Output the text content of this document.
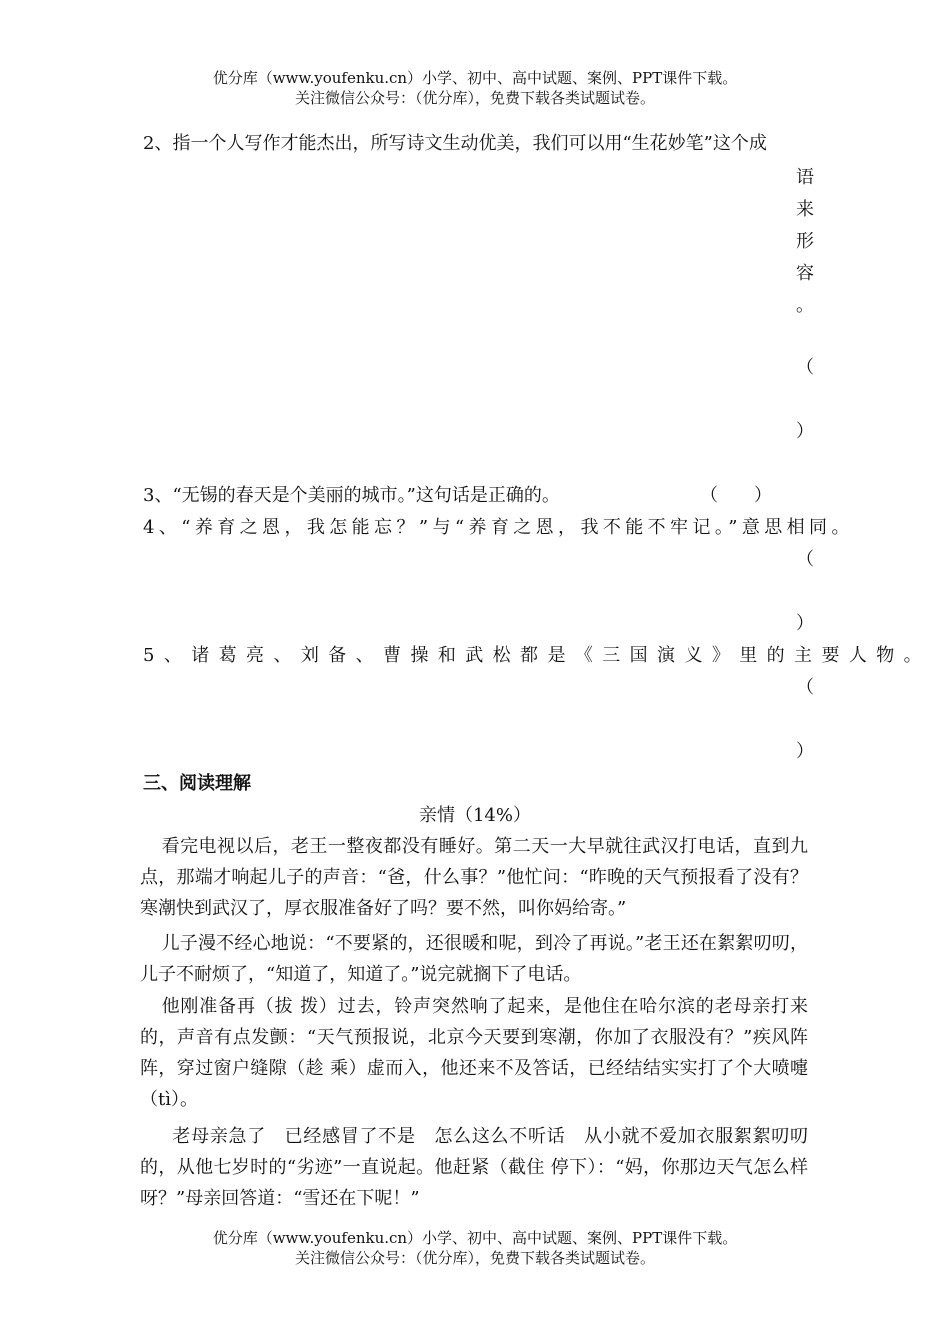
优分库（www.youfenku.cn）小学、初中、高中试题、案例、PPT课件下载。
关注微信公众号：（优分库），免费下载各类试题试卷。
2、指一个人写作才能杰出，所写诗文生动优美，我们可以用“生花妙笔”这个成
语
来
形
容
。
（
）
3、“无锡的春天是个美丽的城市。”这句话是正确的。	（　　）
4、“养育之恩，我怎能忘？”与“养育之恩，我不能不牢记。”意思相同。
（
）
5、诸葛亮、刘备、曹操和武松都是《三国演义》里的主要人物。
（
）
三、阅读理解
亲情（14%）
看完电视以后，老王一整夜都没有睡好。第二天一大早就往武汉打电话，直到九点，那端才响起儿子的声音：“爸，什么事？”他忙问：“昨晚的天气预报看了没有？寒潮快到武汉了，厚衣服准备好了吗？要不然，叫你妈给寄。”
儿子漫不经心地说：“不要紧的，还很暖和呢，到冷了再说。”老王还在絮絮叨叨，儿子不耐烦了，“知道了，知道了。”说完就搁下了电话。
他刚准备再（拔 拨）过去，铃声突然响了起来，是他住在哈尔滨的老母亲打来的，声音有点发颤：“天气预报说，北京今天要到寒潮，你加了衣服没有？”疾风阵阵，穿过窗户缝隙（趁 乘）虚而入，他还来不及答话，已经结结实实打了个大喷嚏（tì）。
老母亲急了　已经感冒了不是　怎么这么不听话　从小就不爱加衣服絮絮叨叨的，从他七岁时的“劣迹”一直说起。他赶紧（截住 停下）：“妈，你那边天气怎么样呀？”母亲回答道：“雪还在下呢！”
优分库（www.youfenku.cn）小学、初中、高中试题、案例、PPT课件下载。
关注微信公众号：（优分库），免费下载各类试题试卷。
